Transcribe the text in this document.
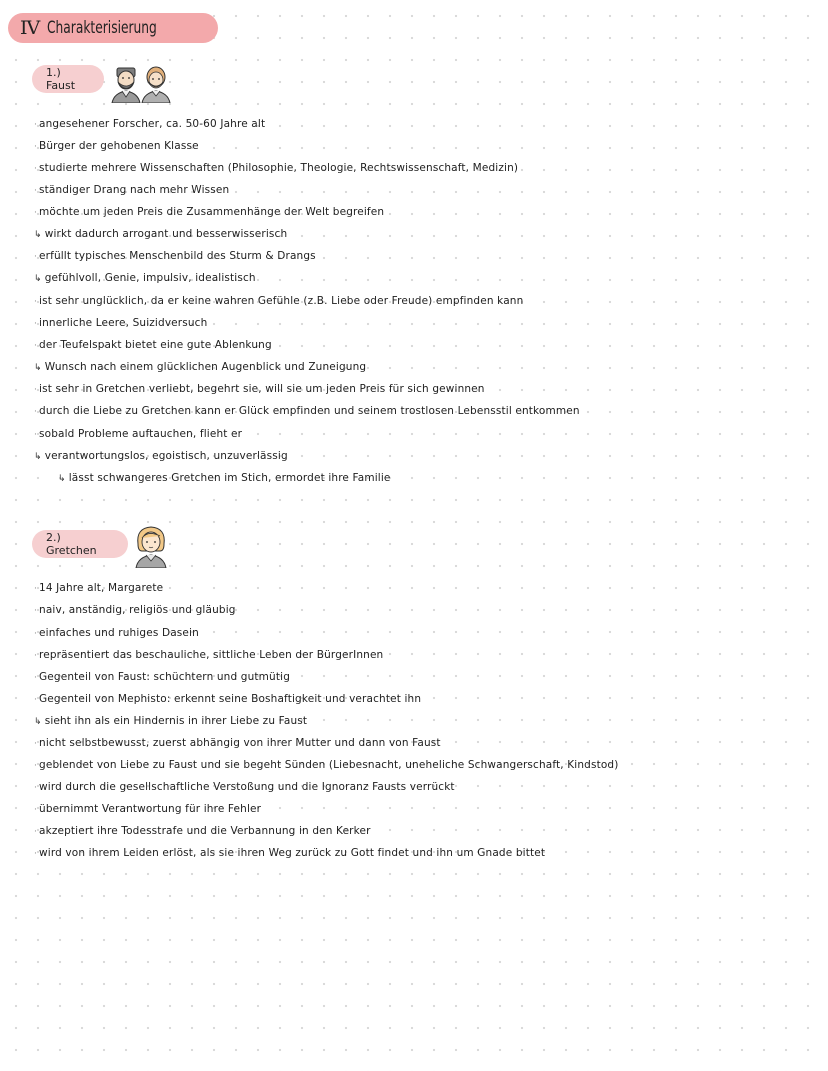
IV Charakterisierung
1.) Faust
· angesehener Forscher, ca. 50-60 Jahre alt
· Bürger der gehobenen Klasse
· studierte mehrere Wissenschaften (Philosophie, Theologie, Rechtswissenschaft, Medizin)
· ständiger Drang nach mehr Wissen
· möchte um jeden Preis die Zusammenhänge der Welt begreifen
↳ wirkt dadurch arrogant und besserwisserisch
· erfüllt typisches Menschenbild des Sturm & Drangs
↳ gefühlvoll, Genie, impulsiv, idealistisch
· ist sehr unglücklich, da er keine wahren Gefühle (z.B. Liebe oder Freude) empfinden kann
· innerliche Leere, Suizidversuch
· der Teufelspakt bietet eine gute Ablenkung
↳ Wunsch nach einem glücklichen Augenblick und Zuneigung
· ist sehr in Gretchen verliebt, begehrt sie, will sie um jeden Preis für sich gewinnen
· durch die Liebe zu Gretchen kann er Glück empfinden und seinem trostlosen Lebensstil entkommen
· sobald Probleme auftauchen, flieht er
↳ verantwortungslos, egoistisch, unzuverlässig
↳ lässt schwangeres Gretchen im Stich, ermordet ihre Familie
2.) Gretchen
· 14 Jahre alt, Margarete
· naiv, anständig, religiös und gläubig
· einfaches und ruhiges Dasein
· repräsentiert das beschauliche, sittliche Leben der BürgerInnen
· Gegenteil von Faust: schüchtern und gutmütig
· Gegenteil von Mephisto: erkennt seine Boshaftigkeit und verachtet ihn
↳ sieht ihn als ein Hindernis in ihrer Liebe zu Faust
· nicht selbstbewusst, zuerst abhängig von ihrer Mutter und dann von Faust
· geblendet von Liebe zu Faust und sie begeht Sünden (Liebesnacht, uneheliche Schwangerschaft, Kindstod)
· wird durch die gesellschaftliche Verstoßung und die Ignoranz Fausts verrückt
· übernimmt Verantwortung für ihre Fehler
· akzeptiert ihre Todesstrafe und die Verbannung in den Kerker
· wird von ihrem Leiden erlöst, als sie ihren Weg zurück zu Gott findet und ihn um Gnade bittet
